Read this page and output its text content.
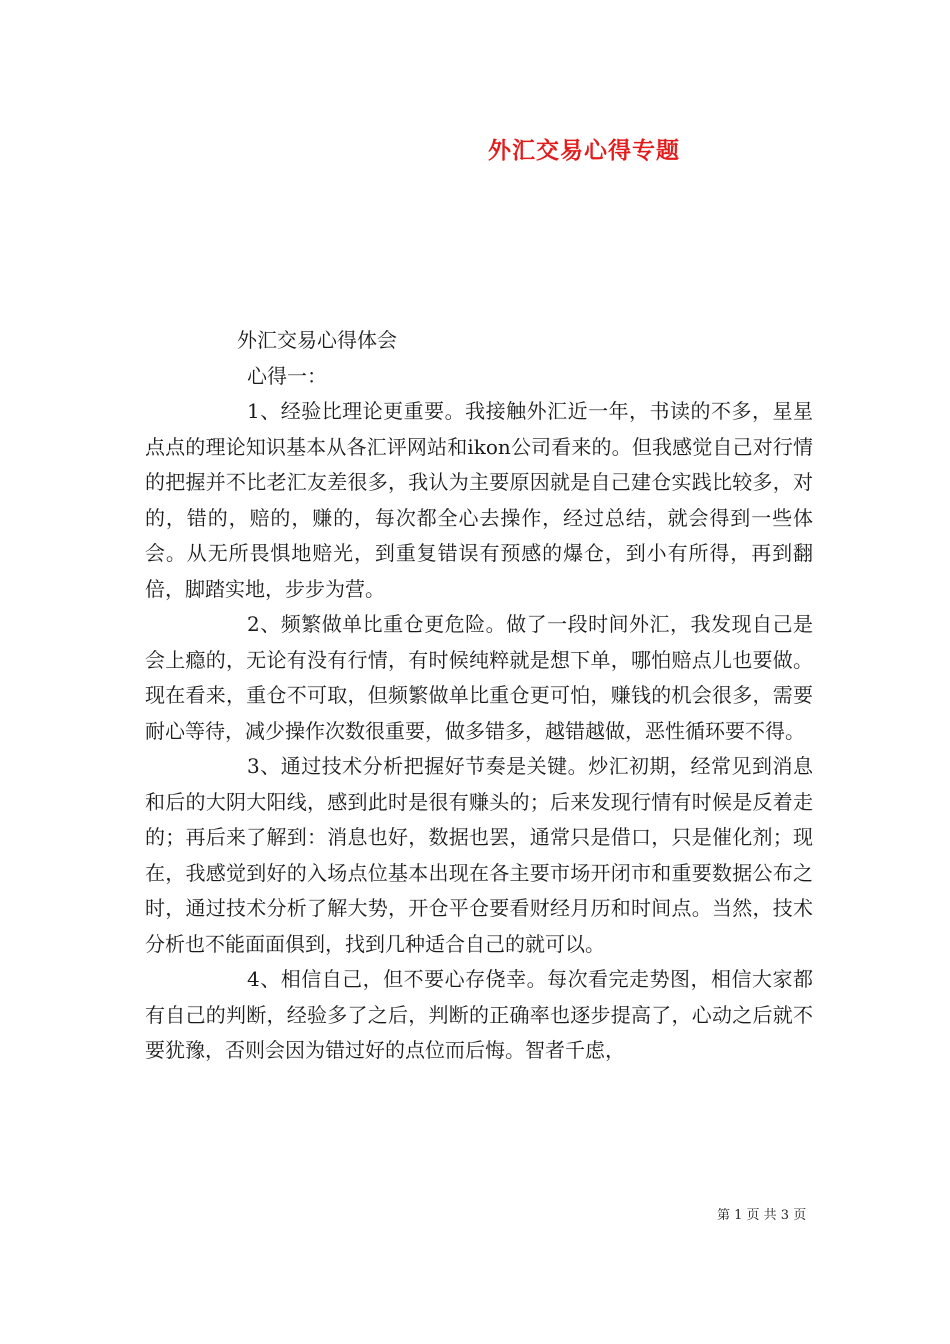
外汇交易心得专题

外汇交易心得体会

心得一：

1、经验比理论更重要。我接触外汇近一年，书读的不多，星星点点的理论知识基本从各汇评网站和ikon公司看来的。但我感觉自己对行情的把握并不比老汇友差很多，我认为主要原因就是自己建仓实践比较多，对的，错的，赔的，赚的，每次都全心去操作，经过总结，就会得到一些体会。从无所畏惧地赔光，到重复错误有预感的爆仓，到小有所得，再到翻倍，脚踏实地，步步为营。

2、频繁做单比重仓更危险。做了一段时间外汇，我发现自己是会上瘾的，无论有没有行情，有时候纯粹就是想下单，哪怕赔点儿也要做。现在看来，重仓不可取，但频繁做单比重仓更可怕，赚钱的机会很多，需要耐心等待，减少操作次数很重要，做多错多，越错越做，恶性循环要不得。

3、通过技术分析把握好节奏是关键。炒汇初期，经常见到消息和后的大阴大阳线，感到此时是很有赚头的；后来发现行情有时候是反着走的；再后来了解到：消息也好，数据也罢，通常只是借口，只是催化剂；现在，我感觉到好的入场点位基本出现在各主要市场开闭市和重要数据公布之时，通过技术分析了解大势，开仓平仓要看财经月历和时间点。当然，技术分析也不能面面俱到，找到几种适合自己的就可以。

4、相信自己，但不要心存侥幸。每次看完走势图，相信大家都有自己的判断，经验多了之后，判断的正确率也逐步提高了，心动之后就不要犹豫，否则会因为错过好的点位而后悔。智者千虑，

第 1 页 共 3 页
